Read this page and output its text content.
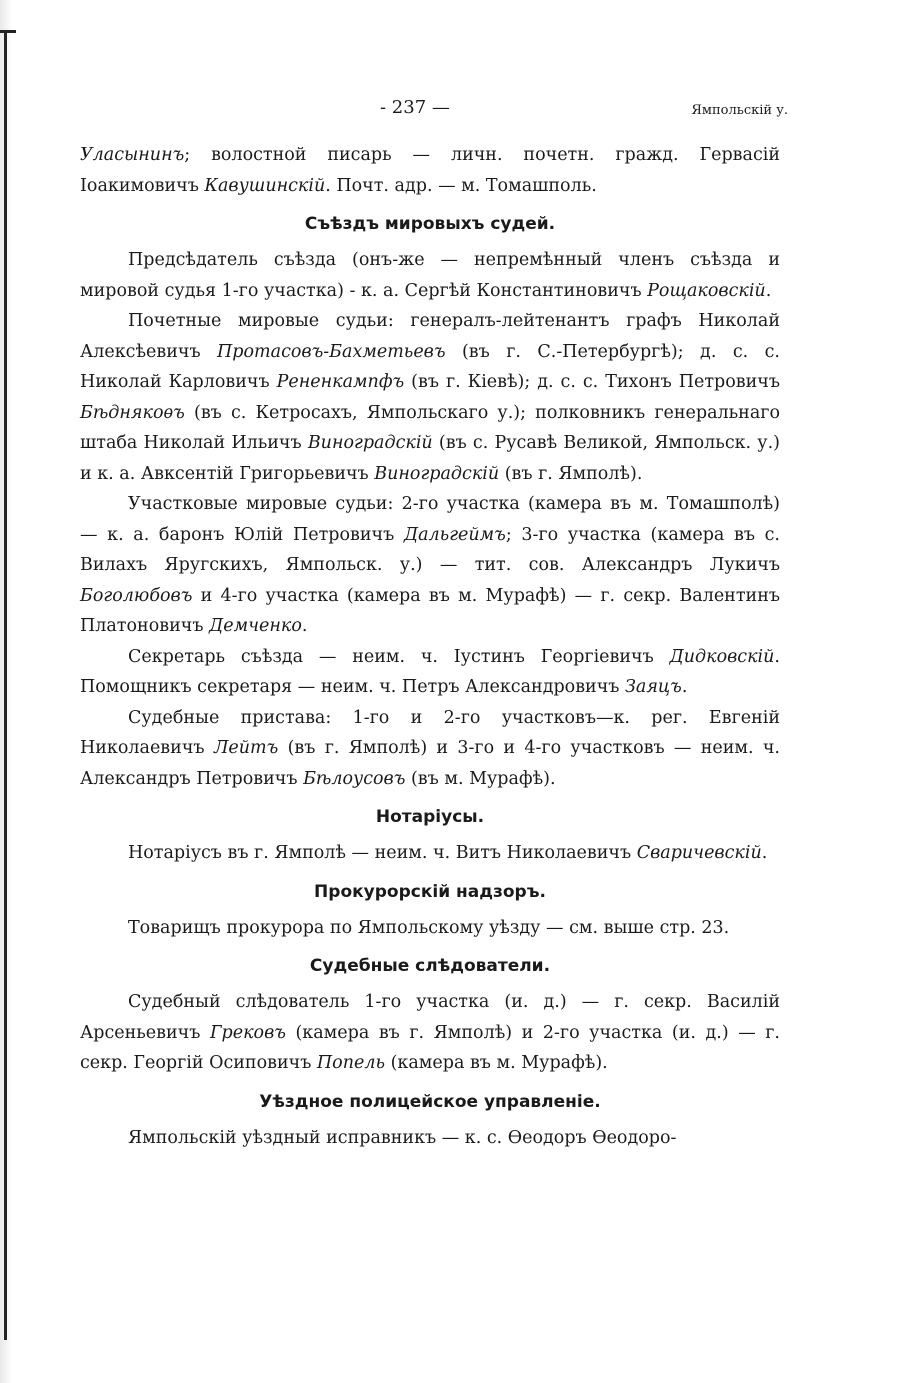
- 237 —	Ямпольскій у.

Уласынинъ; волостной писарь — личн. почетн. гражд. Гервасій Іоакимовичъ Кавушинскій. Почт. адр. — м. Томашполь.

Съѣздъ мировыхъ судей.

Предсѣдатель съѣзда (онъ-же — непремѣнный членъ съѣзда и мировой судья 1-го участка) - к. а. Сергѣй Константиновичъ Рощаковскій.

Почетные мировые судьи: генералъ-лейтенантъ графъ Николай Алексѣевичъ Протасовъ-Бахметьевъ (въ г. С.-Петербургѣ); д. с. с. Николай Карловичъ Рененкампфъ (въ г. Кіевѣ); д. с. с. Тихонъ Петровичъ Бѣднякоѳъ (въ с. Кетросахъ, Ямпольскаго у.); полковникъ генеральнаго штаба Николай Ильичъ Виноградскій (въ с. Русавѣ Великой, Ямпольск. у.) и к. а. Авксентій Григорьевичъ Виноградскій (въ г. Ямполѣ).

Участковые мировые судьи: 2-го участка (камера въ м. Томашполѣ) — к. а. баронъ Юлій Петровичъ Дальгеймъ; 3-го участка (камера въ с. Вилахъ Яругскихъ, Ямпольск. у.) — тит. сов. Александръ Лукичъ Боголюбовъ и 4-го участка (камера въ м. Мурафѣ) — г. секр. Валентинъ Платоновичъ Демченко.

Секретарь съѣзда — неим. ч. Іустинъ Георгіевичъ Дидковскій. Помощникъ секретаря — неим. ч. Петръ Александровичъ Заяцъ.

Судебные пристава: 1-го и 2-го участковъ—к. рег. Евгеній Николаевичъ Лейтъ (въ г. Ямполѣ) и 3-го и 4-го участковъ — неим. ч. Александръ Петровичъ Бѣлоусовъ (въ м. Мурафѣ).

Нотаріусы.

Нотаріусъ въ г. Ямполѣ — неим. ч. Витъ Николаевичъ Сваричевскій.

Прокурорскій надзоръ.

Товарищъ прокурора по Ямпольскому уѣзду — см. выше стр. 23.

Судебные слѣдователи.

Судебный слѣдователь 1-го участка (и. д.) — г. секр. Василій Арсеньевичъ Грековъ (камера въ г. Ямполѣ) и 2-го участка (и. д.) — г. секр. Георгій Осиповичъ Попель (камера въ м. Мурафѣ).

Уѣздное полицейское управленіе.

Ямпольскій уѣздный исправникъ — к. с. Ѳеодоръ Ѳеодоро-
